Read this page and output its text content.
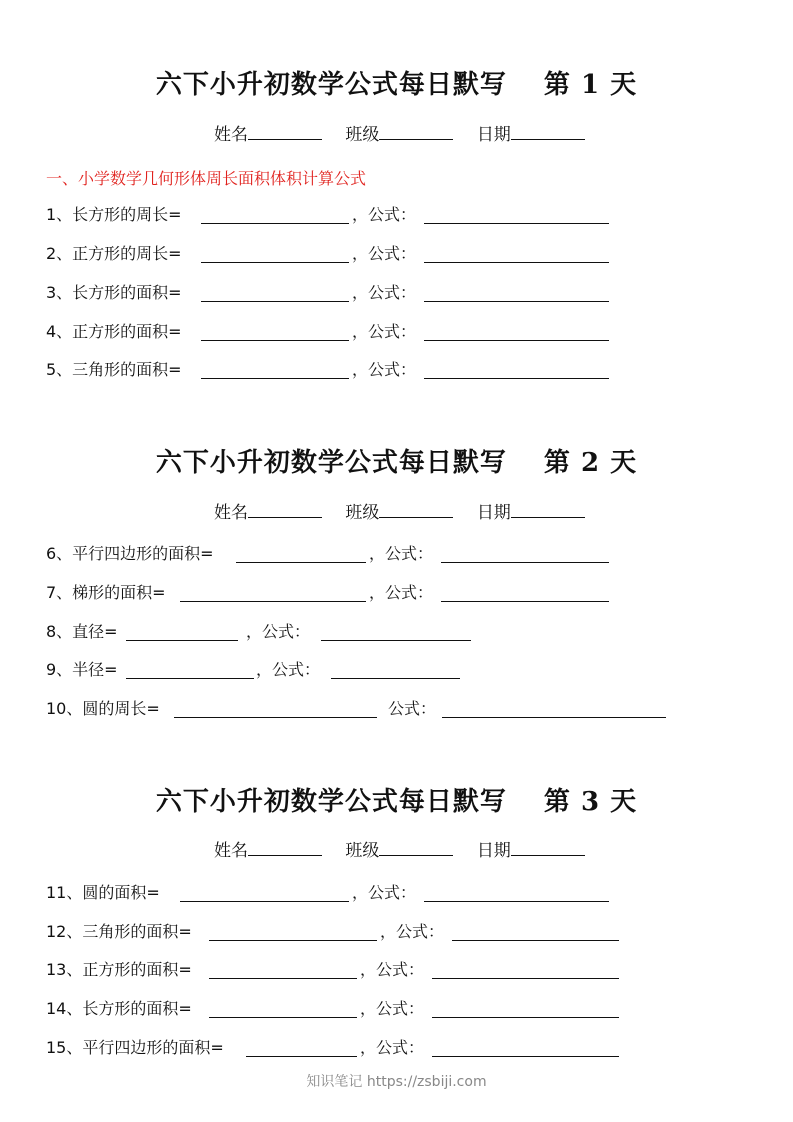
六下小升初数学公式每日默写　 第 1 天
姓名	班级	日期
一、小学数学几何形体周长面积体积计算公式
1、长方形的周长=	，公式：
2、正方形的周长=	，公式：
3、长方形的面积=	，公式：
4、正方形的面积=	，公式：
5、三角形的面积=	，公式：
六下小升初数学公式每日默写　 第 2 天
姓名	班级	日期
6、平行四边形的面积=	，公式：
7、梯形的面积=	，公式：
8、直径=	，公式：
9、半径=	，公式：
10、圆的周长=	公式：
六下小升初数学公式每日默写　 第 3 天
姓名	班级	日期
11、圆的面积=	，公式：
12、三角形的面积=	，公式：
13、正方形的面积=	，公式：
14、长方形的面积=	，公式：
15、平行四边形的面积=	，公式：
知识笔记 https://zsbiji.com
